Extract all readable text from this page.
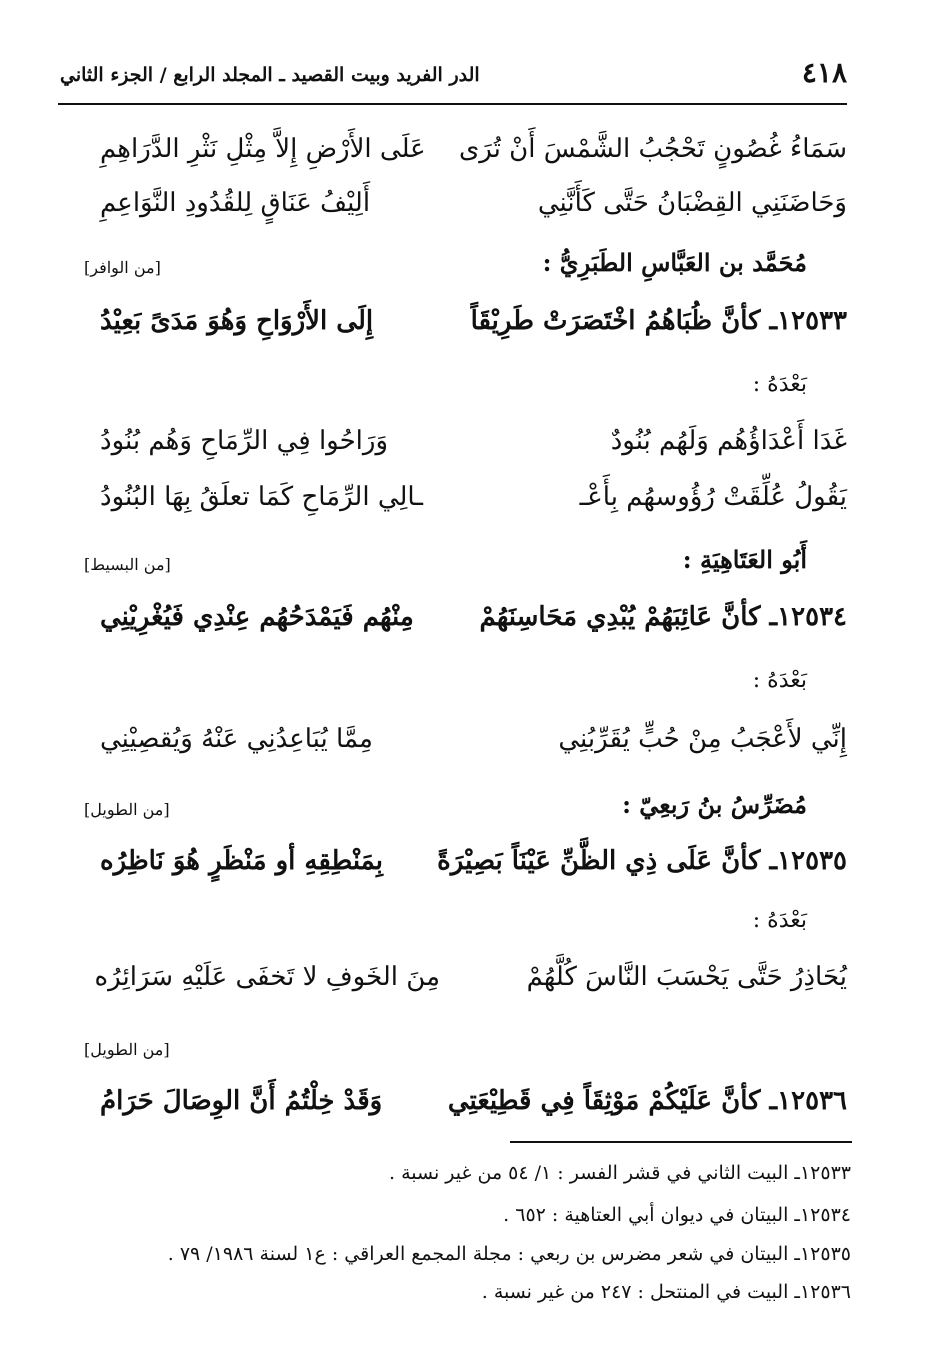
٤١٨
الدر الفريد وبيت القصيد ـ المجلد الرابع / الجزء الثاني
سَمَاءُ غُصُونٍ تَحْجُبُ الشَّمْسَ أَنْ تُرَى
عَلَى الأَرْضِ إِلاَّ مِثْلِ نَثْرِ الدَّرَاهِمِ
وَحَاضَنَنِي القِضْبَانُ حَتَّى كَأَنَّنِي
أَلِيْفُ عَنَاقٍ لِلقُدُودِ النَّوَاعِمِ
مُحَمَّد بن العَبَّاسِ الطَبَرِيُّ :
[من الوافر]
١٢٥٣٣ـ كأنَّ ظُبَاهُمُ اخْتَصَرَتْ طَرِيْقَاً
إِلَى الأَرْوَاحِ وَهُوَ مَدَىً بَعِيْدُ
بَعْدَهُ :
غَدَا أَعْدَاؤُهُم وَلَهُم بُنُودٌ
وَرَاحُوا فِي الرِّمَاحِ وَهُم بُنُودُ
يَقُولُ عُلِّقَتْ رُؤُوسهُم بِأَعْـ
ـالِي الرِّمَاحِ كَمَا تعلَقُ بِهَا البُنُودُ
أَبُو العَتَاهِيَةِ :
[من البسيط]
١٢٥٣٤ـ كأنَّ عَائِبَهُمْ يُبْدِي مَحَاسِنَهُمْ
مِنْهُم فَيَمْدَحُهُم عِنْدِي فَيُغْرِيْنِي
بَعْدَهُ :
إِنِّي لأَعْجَبُ مِنْ حُبٍّ يُقَرِّبُنِي
مِمَّا يُبَاعِدُنِي عَنْهُ وَيُقصِيْنِي
مُضَرِّسُ بنُ رَبعِيّ :
[من الطويل]
١٢٥٣٥ـ كأنَّ عَلَى ذِي الظَّنِّ عَيْنَاً بَصِيْرَةً
بِمَنْطِقِهِ أو مَنْظَرٍ هُوَ نَاظِرُه
بَعْدَهُ :
يُحَاذِرُ حَتَّى يَحْسَبَ النَّاسَ كُلَّهُمْ
مِنَ الخَوفِ لا تَخفَى عَلَيْهِ سَرَائِرُه
[من الطويل]
١٢٥٣٦ـ كأنَّ عَلَيْكُمْ مَوْثِقَاً فِي قَطِيْعَتِي
وَقَدْ خِلْتُمُ أَنَّ الوِصَالَ حَرَامُ
١٢٥٣٣ـ البيت الثاني في قشر الفسر : ١/ ٥٤ من غير نسبة .
١٢٥٣٤ـ البيتان في ديوان أبي العتاهية : ٦٥٢ .
١٢٥٣٥ـ البيتان في شعر مضرس بن ربعي : مجلة المجمع العراقي : ع١ لسنة ١٩٨٦/ ٧٩ .
١٢٥٣٦ـ البيت في المنتحل : ٢٤٧ من غير نسبة .
